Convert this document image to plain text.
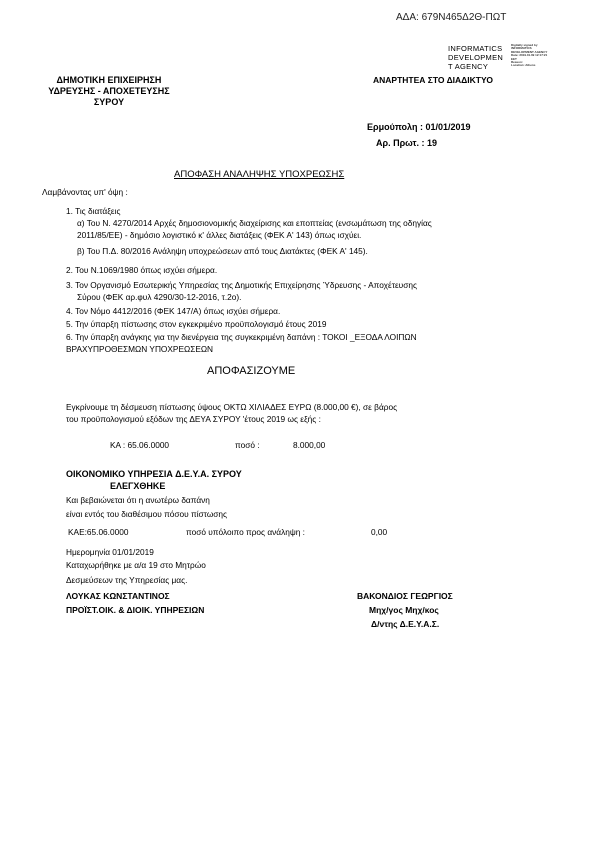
ΑΔΑ: 679Ν465Δ2Θ-ΠΩΤ
INFORMATICS
DEVELOPMEN
T AGENCY
Digitally signed by
INFORMATICS
DEVELOPMENT AGENCY
Date: 2019.01.09 12:17:21
EET
Reason:
Location: Athens
ΔΗΜΟΤΙΚΗ ΕΠΙΧΕΙΡΗΣΗ
ΥΔΡΕΥΣΗΣ - ΑΠΟΧΕΤΕΥΣΗΣ
ΣΥΡΟΥ
ΑΝΑΡΤΗΤΕΑ ΣΤΟ ΔΙΑΔΙΚΤΥΟ
Ερμούπολη : 01/01/2019
Αρ. Πρωτ. : 19
ΑΠΟΦΑΣΗ ΑΝΑΛΗΨΗΣ ΥΠΟΧΡΕΩΣΗΣ
Λαμβάνοντας υπ' όψη :
1. Τις διατάξεις
α) Του Ν. 4270/2014 Αρχές δημοσιονομικής διαχείρισης και εποπτείας (ενσωμάτωση της οδηγίας
2011/85/ΕΕ) - δημόσιο λογιστικό κ' άλλες διατάξεις (ΦΕΚ Α' 143) όπως ισχύει.
β) Του Π.Δ. 80/2016 Ανάληψη υποχρεώσεων από τους Διατάκτες (ΦΕΚ Α' 145).
2. Του Ν.1069/1980 όπως ισχύει σήμερα.
3. Τον Οργανισμό Εσωτερικής Υπηρεσίας της Δημοτικής Επιχείρησης Ύδρευσης - Αποχέτευσης
Σύρου (ΦΕΚ αρ.φυλ 4290/30-12-2016, τ.2ο).
4. Τον Νόμο 4412/2016 (ΦΕΚ 147/Α) όπως ισχύει σήμερα.
5. Την ύπαρξη πίστωσης στον εγκεκριμένο προϋπολογισμό έτους 2019
6. Την ύπαρξη ανάγκης για την διενέργεια της συγκεκριμένη δαπάνη : ΤΟΚΟΙ _ΕΞΟΔΑ ΛΟΙΠΩΝ
ΒΡΑΧΥΠΡΟΘΕΣΜΩΝ ΥΠΟΧΡΕΩΣΕΩΝ
ΑΠΟΦΑΣΙΖΟΥΜΕ
Εγκρίνουμε τη δέσμευση πίστωσης ύψους ΟΚΤΩ ΧΙΛΙΑΔΕΣ ΕΥΡΩ (8.000,00 €), σε βάρος
του προϋπολογισμού εξόδων της ΔΕΥΑ ΣΥΡΟΥ 'έτους 2019 ως εξής :
ΚΑ : 65.06.0000	ποσό :	8.000,00
ΟΙΚΟΝΟΜΙΚΟ ΥΠΗΡΕΣΙΑ Δ.Ε.Υ.Α. ΣΥΡΟΥ
ΕΛΕΓΧΘΗΚΕ
Και βεβαιώνεται ότι η ανωτέρω δαπάνη
είναι εντός του διαθέσιμου πόσου πίστωσης
ΚΑΕ:65.06.0000	ποσό υπόλοιπο προς ανάληψη :	0,00
Ημερομηνία 01/01/2019
Καταχωρήθηκε με α/α 19 στο Μητρώο
Δεσμεύσεων της Υπηρεσίας μας.
ΛΟΥΚΑΣ ΚΩΝΣΤΑΝΤΙΝΟΣ
ΠΡΟΪΣΤ.ΟΙΚ. & ΔΙΟΙΚ. ΥΠΗΡΕΣΙΩΝ
ΒΑΚΟΝΔΙΟΣ ΓΕΩΡΓΙΟΣ
Μηχ/γος Μηχ/κος
Δ/ντης Δ.Ε.Υ.Α.Σ.
